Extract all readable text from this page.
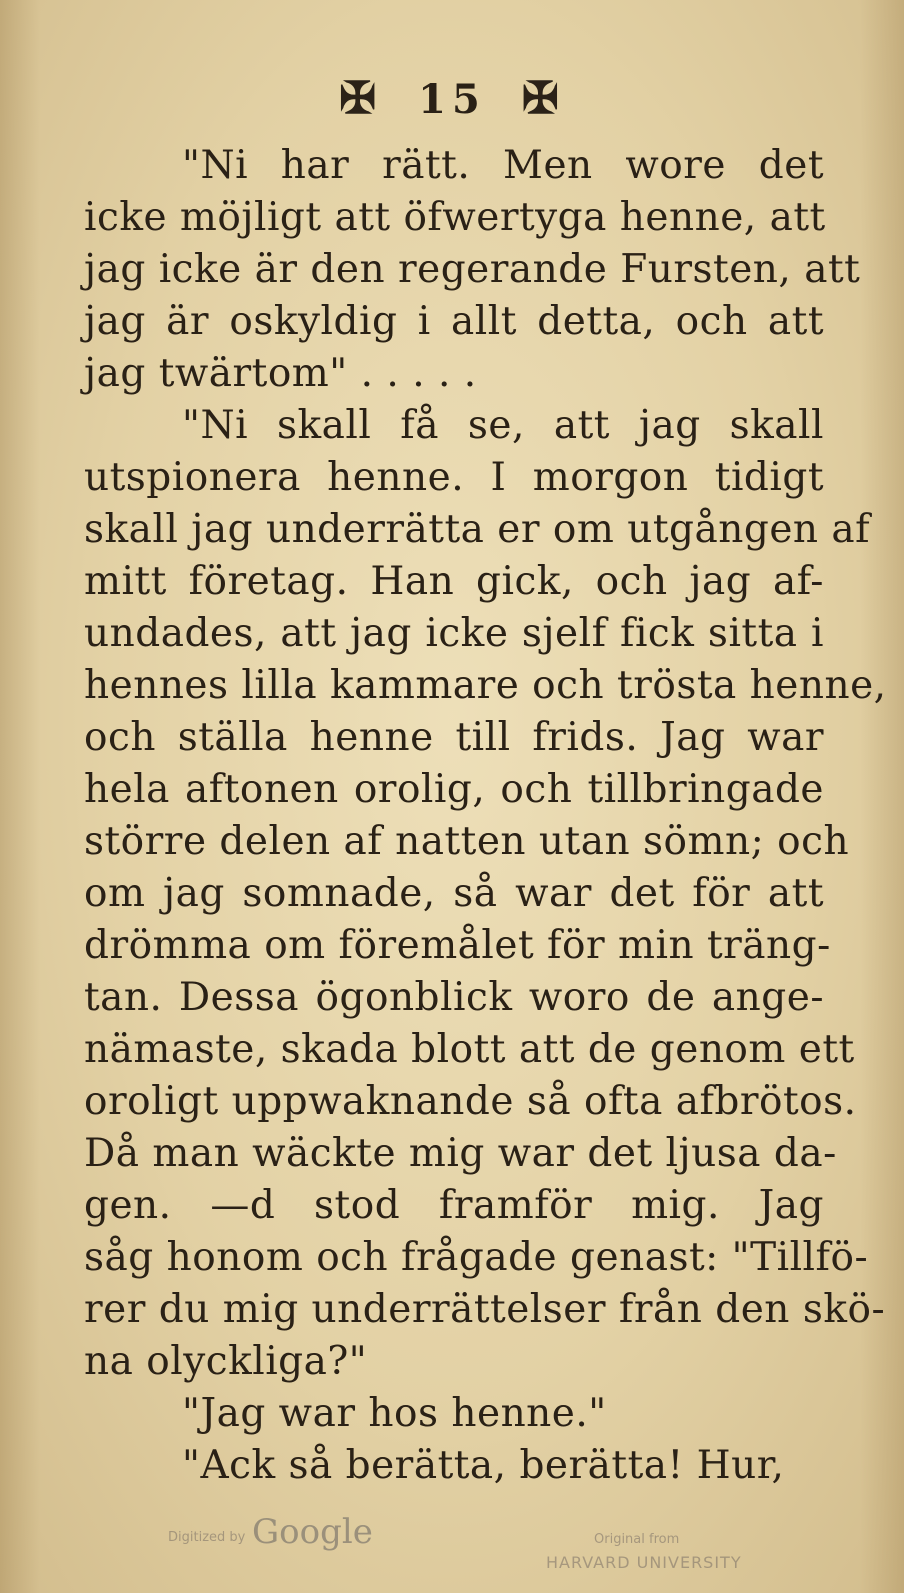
✠ 15 ✠
"Ni har rätt. Men wore det
icke möjligt att öfwertyga henne, att
jag icke är den regerande Fursten, att
jag är oskyldig i allt detta, och att
jag twärtom" . . . . .
"Ni skall få se, att jag skall
utspionera henne. I morgon tidigt
skall jag underrätta er om utgången af
mitt företag. Han gick, och jag af-
undades, att jag icke sjelf fick sitta i
hennes lilla kammare och trösta henne,
och ställa henne till frids. Jag war
hela aftonen orolig, och tillbringade
större delen af natten utan sömn; och
om jag somnade, så war det för att
drömma om föremålet för min träng-
tan. Dessa ögonblick woro de ange-
nämaste, skada blott att de genom ett
oroligt uppwaknande så ofta afbrötos.
Då man wäckte mig war det ljusa da-
gen. —d stod framför mig. Jag
såg honom och frågade genast: "Tillfö-
rer du mig underrättelser från den skö-
na olyckliga?"
"Jag war hos henne."
"Ack så berätta, berätta! Hur,
Digitized by Google	Original from
HARVARD UNIVERSITY
